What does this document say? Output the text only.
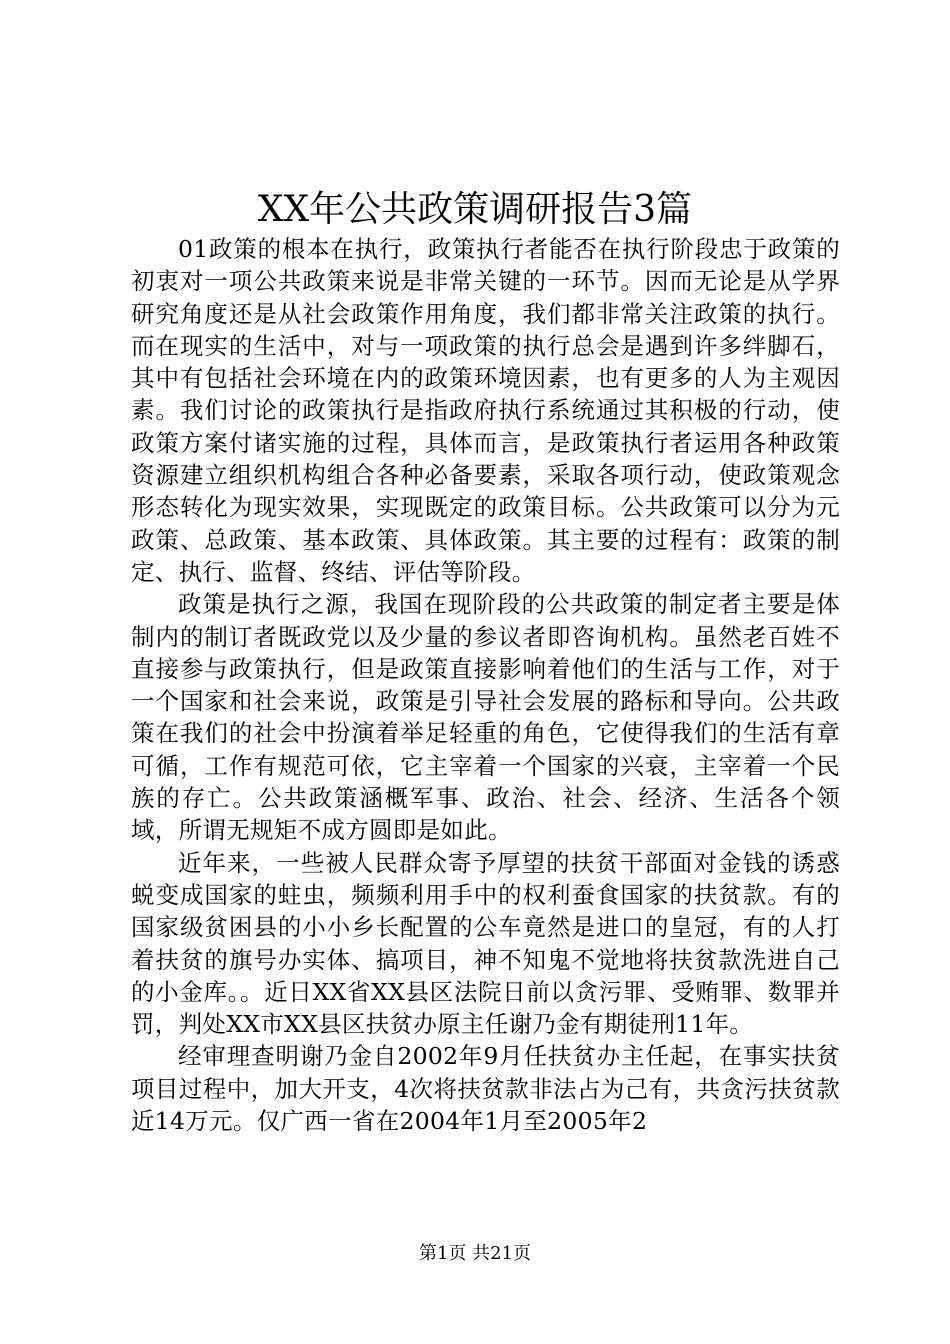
XX年公共政策调研报告3篇

01政策的根本在执行，政策执行者能否在执行阶段忠于政策的初衷对一项公共政策来说是非常关键的一环节。因而无论是从学界研究角度还是从社会政策作用角度，我们都非常关注政策的执行。而在现实的生活中，对与一项政策的执行总会是遇到许多绊脚石，其中有包括社会环境在内的政策环境因素，也有更多的人为主观因素。我们讨论的政策执行是指政府执行系统通过其积极的行动，使政策方案付诸实施的过程，具体而言，是政策执行者运用各种政策资源建立组织机构组合各种必备要素，采取各项行动，使政策观念形态转化为现实效果，实现既定的政策目标。公共政策可以分为元政策、总政策、基本政策、具体政策。其主要的过程有：政策的制定、执行、监督、终结、评估等阶段。

政策是执行之源，我国在现阶段的公共政策的制定者主要是体制内的制订者既政党以及少量的参议者即咨询机构。虽然老百姓不直接参与政策执行，但是政策直接影响着他们的生活与工作，对于一个国家和社会来说，政策是引导社会发展的路标和导向。公共政策在我们的社会中扮演着举足轻重的角色，它使得我们的生活有章可循，工作有规范可依，它主宰着一个国家的兴衰，主宰着一个民族的存亡。公共政策涵概军事、政治、社会、经济、生活各个领域，所谓无规矩不成方圆即是如此。

近年来，一些被人民群众寄予厚望的扶贫干部面对金钱的诱惑蜕变成国家的蛀虫，频频利用手中的权利蚕食国家的扶贫款。有的国家级贫困县的小小乡长配置的公车竟然是进口的皇冠，有的人打着扶贫的旗号办实体、搞项目，神不知鬼不觉地将扶贫款洗进自己的小金库。。近日XX省XX县区法院日前以贪污罪、受贿罪、数罪并罚，判处XX市XX县区扶贫办原主任谢乃金有期徒刑11年。

经审理查明谢乃金自2002年9月任扶贫办主任起，在事实扶贫项目过程中，加大开支，4次将扶贫款非法占为己有，共贪污扶贫款近14万元。仅广西一省在2004年1月至2005年2

第1页 共21页
